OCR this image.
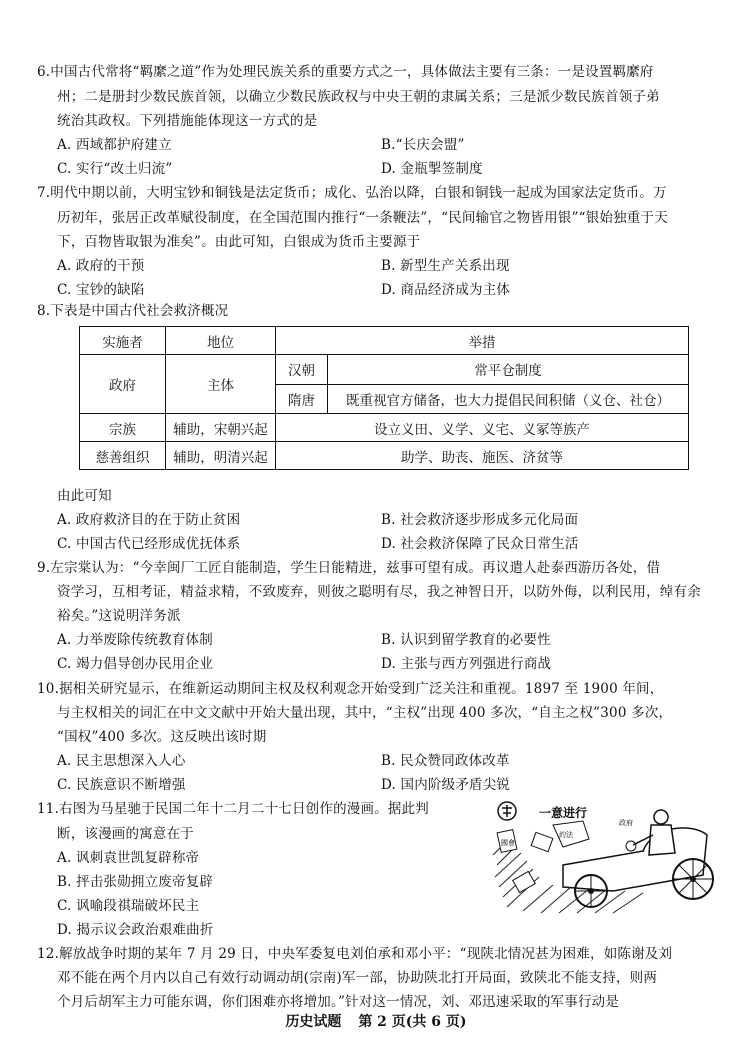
6.中国古代常将“羁縻之道”作为处理民族关系的重要方式之一，具体做法主要有三条：一是设置羁縻府
州；二是册封少数民族首领，以确立少数民族政权与中央王朝的隶属关系；三是派少数民族首领子弟
统治其政权。下列措施能体现这一方式的是
A. 西域都护府建立	B.“长庆会盟”
C. 实行“改土归流”	D. 金瓶掣签制度
7.明代中期以前，大明宝钞和铜钱是法定货币；成化、弘治以降，白银和铜钱一起成为国家法定货币。万
历初年，张居正改革赋役制度，在全国范围内推行“一条鞭法”，“民间输官之物皆用银”“银始独重于天
下，百物皆取银为准矣”。由此可知，白银成为货币主要源于
A. 政府的干预	B. 新型生产关系出现
C. 宝钞的缺陷	D. 商品经济成为主体
8.下表是中国古代社会救济概况
实施者	地位	举措	
政府	主体	汉朝	常平仓制度
		隋唐	既重视官方储备，也大力提倡民间积储（义仓、社仓）
宗族	辅助，宋朝兴起	设立义田、义学、义宅、义冢等族产	
慈善组织	辅助，明清兴起	助学、助丧、施医、济贫等	
由此可知
A. 政府救济目的在于防止贫困	B. 社会救济逐步形成多元化局面
C. 中国古代已经形成优抚体系	D. 社会救济保障了民众日常生活
9.左宗棠认为：“今幸闽厂工匠自能制造，学生日能精进，兹事可望有成。再议遣人赴泰西游历各处，借
资学习，互相考证，精益求精，不致废弃，则彼之聪明有尽，我之神智日开，以防外侮，以利民用，绰有余
裕矣。”这说明洋务派
A. 力举废除传统教育体制	B. 认识到留学教育的必要性
C. 竭力倡导创办民用企业	D. 主张与西方列强进行商战
10.据相关研究显示，在维新运动期间主权及权利观念开始受到广泛关注和重视。1897 至 1900 年间，
与主权相关的词汇在中文文献中开始大量出现，其中，“主权”出现 400 多次，“自主之权”300 多次，
“国权”400 多次。这反映出该时期
A. 民主思想深入人心	B. 民众赞同政体改革
C. 民族意识不断增强	D. 国内阶级矛盾尖锐
11.右图为马星驰于民国二年十二月二十七日创作的漫画。据此判
断，该漫画的寓意在于
A. 讽刺袁世凯复辟称帝
B. 抨击张勋拥立废帝复辟
C. 讽喻段祺瑞破坏民主
D. 揭示议会政治艰难曲折
一意进行
國會
約法
政府
12.解放战争时期的某年 7 月 29 日，中央军委复电刘伯承和邓小平：“现陕北情况甚为困难，如陈谢及刘
邓不能在两个月内以自己有效行动调动胡(宗南)军一部，协助陕北打开局面，致陕北不能支持，则两
个月后胡军主力可能东调，你们困难亦将增加。”针对这一情况，刘、邓迅速采取的军事行动是
历史试题 第 2 页(共 6 页)
